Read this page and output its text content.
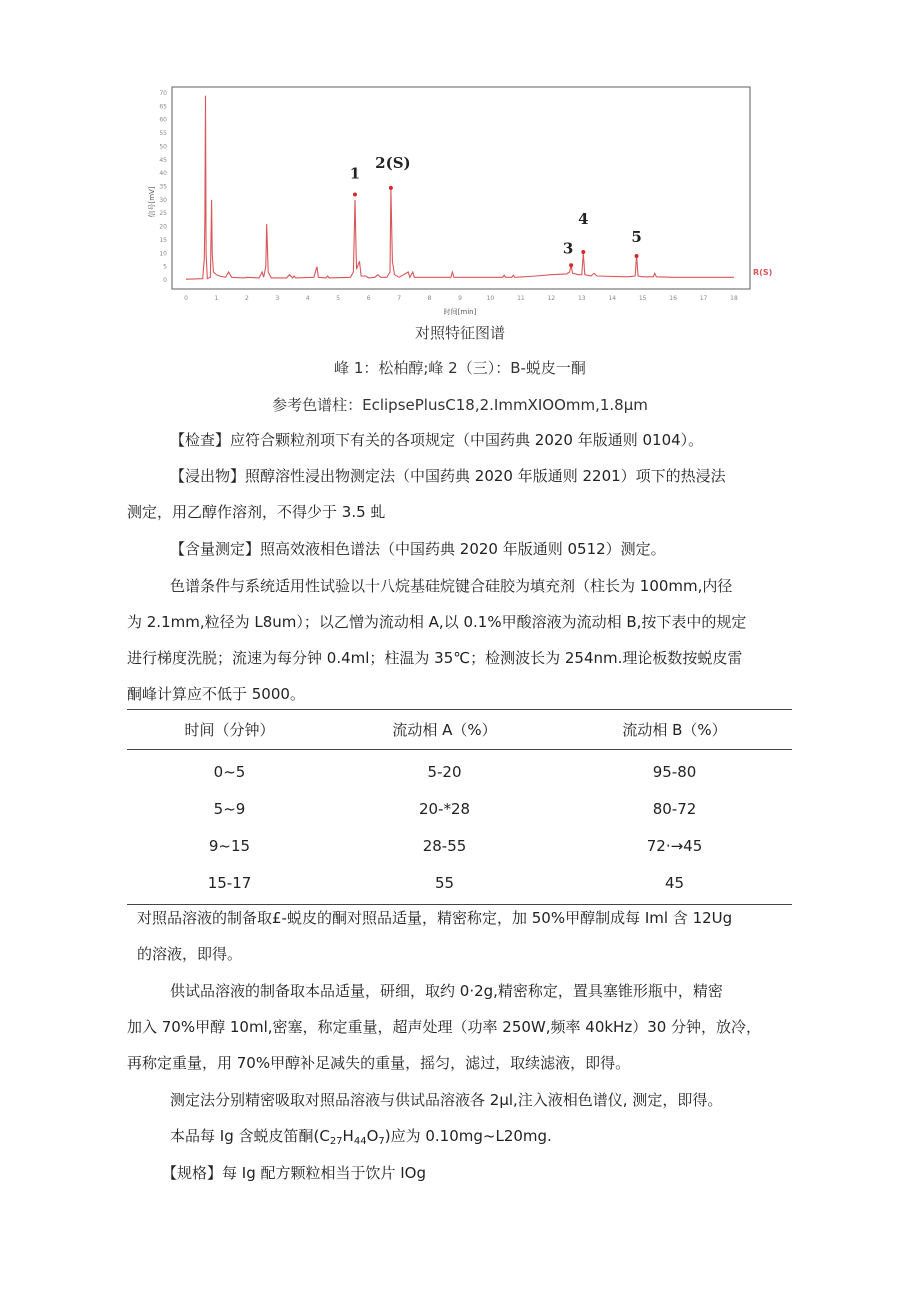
0
5
10
15
20
25
30
35
40
45
50
55
60
65
70
0	1	2	3	4	5	6	7	8	9	10	11	12	13	14	15	16	17	18
信号[mV]
时间[min]
1
2(S)
3
4
5
R(S)
对照特征图谱
峰 1：松柏醇;峰 2（三）：B-蜕皮一酮
参考色谱柱：EclipsePlusC18,2.ImmXIOOmm,1.8μm
【检查】应符合颗粒剂项下有关的各项规定（中国药典 2020 年版通则 0104）。
【浸出物】照醇溶性浸出物测定法（中国药典 2020 年版通则 2201）项下的热浸法
测定，用乙醇作溶剂，不得少于 3.5 虬
【含量测定】照高效液相色谱法（中国药典 2020 年版通则 0512）测定。
色谱条件与系统适用性试验以十八烷基硅烷键合硅胶为填充剂（柱长为 100mm,内径
为 2.1mm,粒径为 L8um）；以乙憎为流动相 A,以 0.1%甲酸溶液为流动相 B,按下表中的规定
进行梯度洗脱；流速为每分钟 0.4ml；柱温为 35℃；检测波长为 254nm.理论板数按蜕皮雷
酮峰计算应不低于 5000。
时间（分钟）	流动相 A（%）	流动相 B（%）
0~5	5-20	95-80
5~9	20-*28	80-72
9~15	28-55	72·→45
15-17	55	45
对照品溶液的制备取£-蜕皮的酮对照品适量，精密称定，加 50%甲醇制成每 Iml 含 12Ug
的溶液，即得。
供试品溶液的制备取本品适量，研细，取约 0·2g,精密称定，置具塞锥形瓶中，精密
加入 70%甲醇 10ml,密塞，称定重量，超声处理（功率 250W,频率 40kHz）30 分钟，放冷，
再称定重量，用 70%甲醇补足减失的重量，摇匀，滤过，取续滤液，即得。
测定法分别精密吸取对照品溶液与供试品溶液各 2μl,注入液相色谱仪, 测定，即得。
本品每 Ig 含蜕皮笛酮$(C_{27}H_{44}O_7)$应为 0.10mg~L20mg.
【规格】每 Ig 配方颗粒相当于饮片 IOg
